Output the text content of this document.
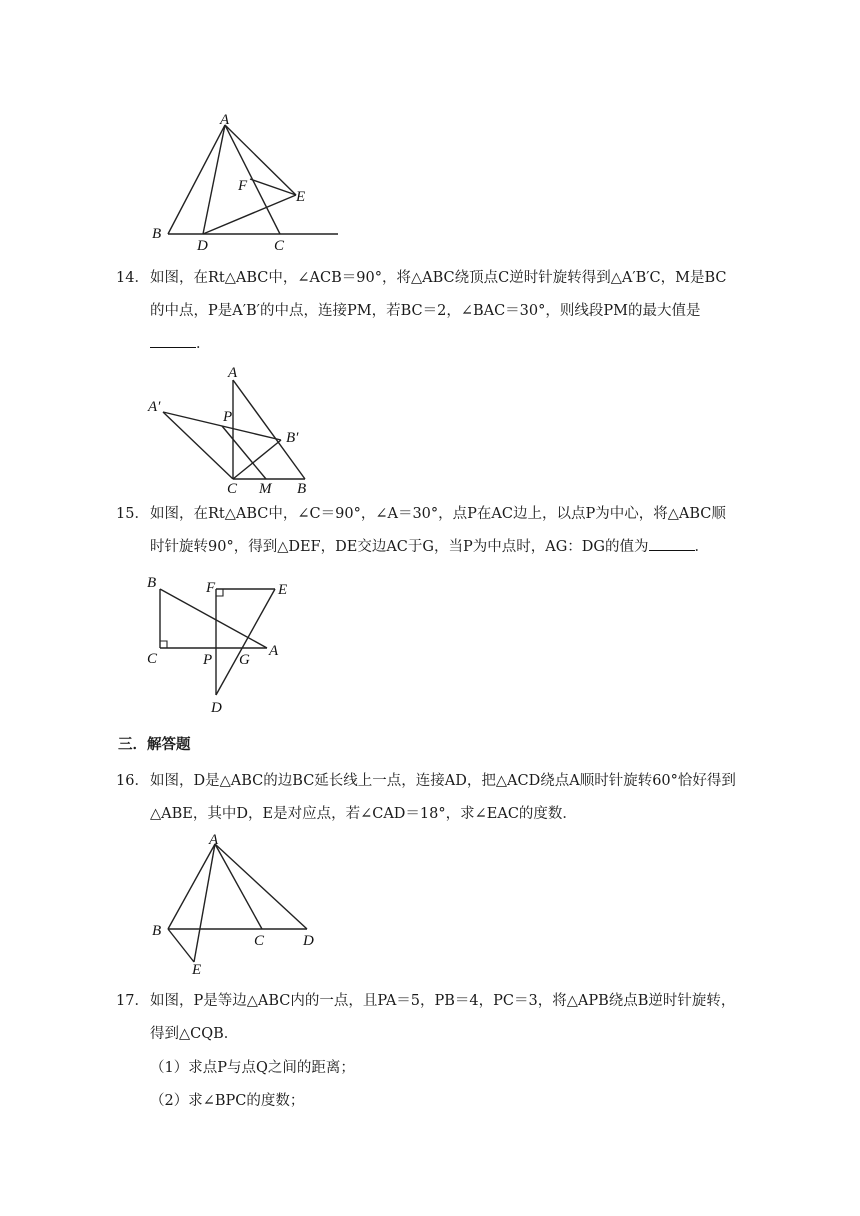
A
B
C
D
E
F
14． 如图，在Rt△ABC中，∠ACB＝90°，将△ABC绕顶点C逆时针旋转得到△A′B′C，M是BC的中点，P是A′B′的中点，连接PM，若BC＝2，∠BAC＝30°，则线段PM的最大值是．
A
A′
P
B′
C M B
15． 如图，在Rt△ABC中，∠C＝90°，∠A＝30°，点P在AC边上，以点P为中心，将△ABC顺时针旋转90°，得到△DEF，DE交边AC于G，当P为中点时，AG：DG的值为	．
B	F	E
C	P G
A
D
三．解答题
16． 如图，D是△ABC的边BC延长线上一点，连接AD，把△ACD绕点A顺时针旋转60°恰好得到△ABE，其中D，E是对应点，若∠CAD＝18°，求∠EAC的度数．
A
B
C	D
E
17． 如图，P是等边△ABC内的一点，且PA＝5，PB＝4，PC＝3，将△APB绕点B逆时针旋转，得到△CQB．
（1）求点P与点Q之间的距离；
（2）求∠BPC的度数；
